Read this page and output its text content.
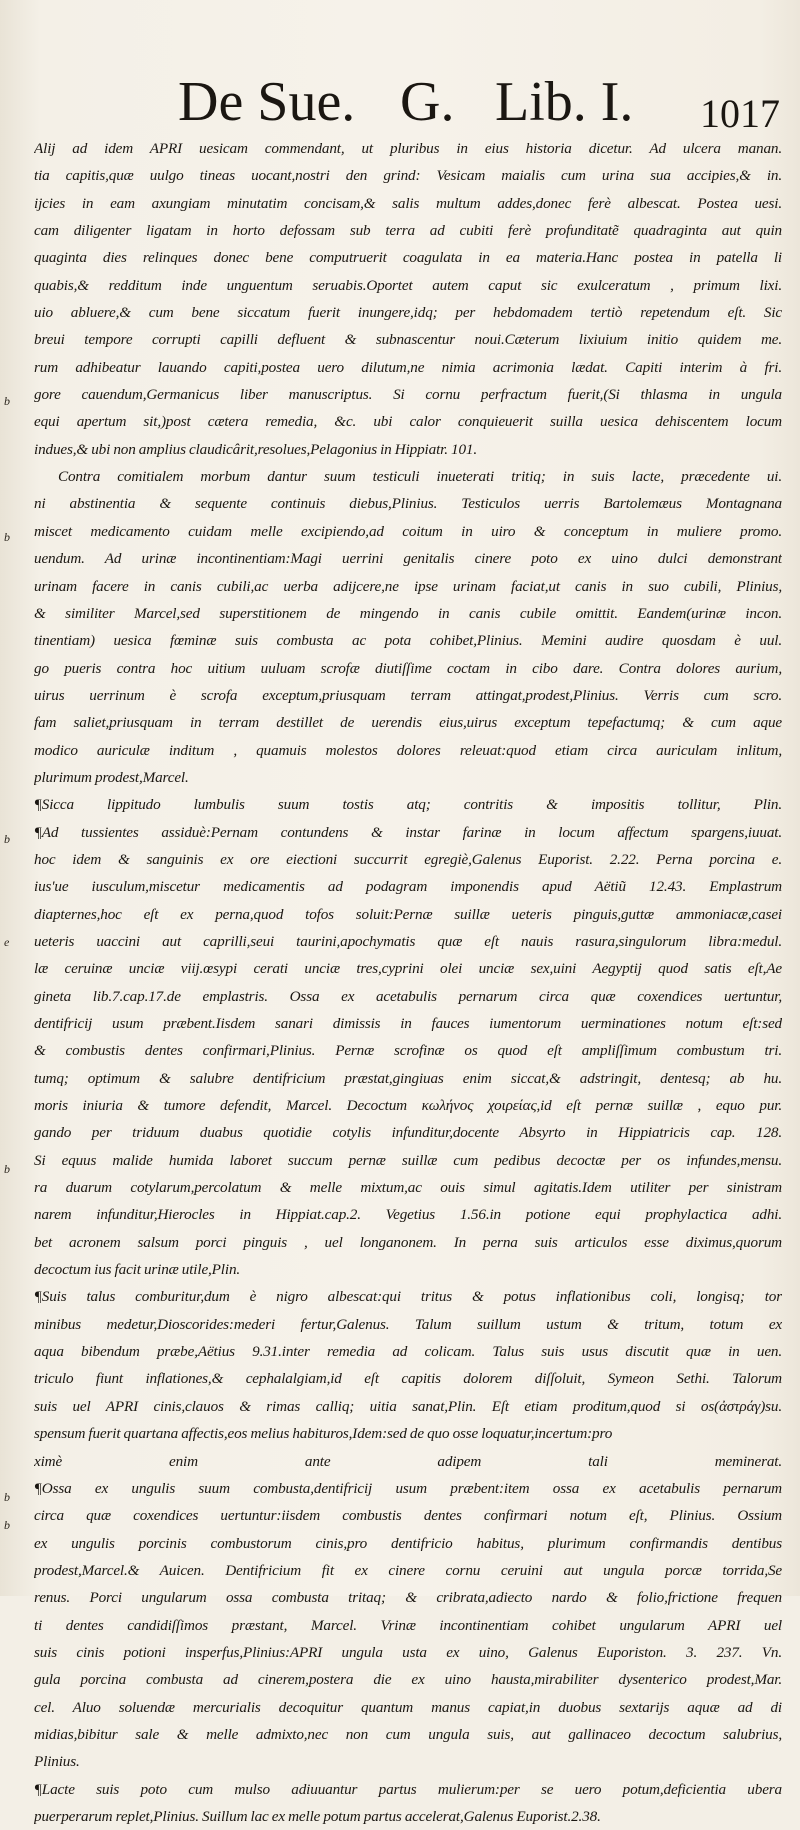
De Sue. G. Lib. I. 1017
b
b
b
e
b
b
b
Alij ad idem APRI uesicam commendant, ut pluribus in eius historia dicetur. Ad ulcera manan.
tia capitis,quæ uulgo tineas uocant,nostri den grind: Vesicam maialis cum urina sua accipies,& in.
ijcies in eam axungiam minutatim concisam,& salis multum addes,donec ferè albescat. Postea uesi.
cam diligenter ligatam in horto defossam sub terra ad cubiti ferè profunditatẽ quadraginta aut quin
quaginta dies relinques donec bene computruerit coagulata in ea materia.Hanc postea in patella li
quabis,& redditum inde unguentum seruabis.Oportet autem caput sic exulceratum , primum lixi.
uio abluere,& cum bene siccatum fuerit inungere,idq; per hebdomadem tertiò repetendum eſt. Sic
breui tempore corrupti capilli defluent & subnascentur noui.Cæterum lixiuium initio quidem me.
rum adhibeatur lauando capiti,postea uero dilutum,ne nimia acrimonia lædat. Capiti interim à fri.
gore cauendum,Germanicus liber manuscriptus. Si cornu perfractum fuerit,(Si thlasma in ungula
equi apertum sit,)post cætera remedia, &c. ubi calor conquieuerit suilla uesica dehiscentem locum
indues,& ubi non amplius claudicârit,resolues,Pelagonius in Hippiatr. 101.
Contra comitialem morbum dantur suum testiculi inueterati tritiq; in suis lacte, præcedente ui.
ni abstinentia & sequente continuis diebus,Plinius. Testiculos uerris Bartolemæus Montagnana
miscet medicamento cuidam melle excipiendo,ad coitum in uiro & conceptum in muliere promo.
uendum. Ad urinæ incontinentiam:Magi uerrini genitalis cinere poto ex uino dulci demonstrant
urinam facere in canis cubili,ac uerba adijcere,ne ipse urinam faciat,ut canis in suo cubili, Plinius,
& similiter Marcel,sed superstitionem de mingendo in canis cubile omittit. Eandem(urinæ incon.
tinentiam) uesica fœminæ suis combusta ac pota cohibet,Plinius. Memini audire quosdam è uul.
go pueris contra hoc uitium uuluam scrofæ diutiſſime coctam in cibo dare. Contra dolores aurium,
uirus uerrinum è scrofa exceptum,priusquam terram attingat,prodest,Plinius. Verris cum scro.
fam saliet,priusquam in terram destillet de uerendis eius,uirus exceptum tepefactumq; & cum aque
modico auriculæ inditum , quamuis molestos dolores releuat:quod etiam circa auriculam inlitum,
plurimum prodest,Marcel.
¶Sicca lippitudo lumbulis suum tostis atq; contritis & impositis tollitur, Plin.
¶Ad tussientes assiduè:Pernam contundens & instar farinæ in locum affectum spargens,iuuat.
hoc idem & sanguinis ex ore eiectioni succurrit egregiè,Galenus Euporist. 2.22. Perna porcina e.
ius'ue iusculum,miscetur medicamentis ad podagram imponendis apud Aëtiũ 12.43. Emplastrum
diapternes,hoc eſt ex perna,quod tofos soluit:Pernæ suillæ ueteris pinguis,guttæ ammoniacæ,casei
ueteris uaccini aut caprilli,seui taurini,apochymatis quæ eſt nauis rasura,singulorum libra:medul.
læ ceruinæ unciæ viij.œsypi cerati unciæ tres,cyprini olei unciæ sex,uini Aegyptij quod satis eſt,Ae
gineta lib.7.cap.17.de emplastris. Ossa ex acetabulis pernarum circa quæ coxendices uertuntur,
dentifricij usum præbent.Iisdem sanari dimissis in fauces iumentorum uerminationes notum eſt:sed
& combustis dentes confirmari,Plinius. Pernæ scrofinæ os quod eſt ampliſſimum combustum tri.
tumq; optimum & salubre dentifricium præstat,gingiuas enim siccat,& adstringit, dentesq; ab hu.
moris iniuria & tumore defendit, Marcel. Decoctum κωλήνος χοιρείας,id eſt pernæ suillæ , equo pur.
gando per triduum duabus quotidie cotylis infunditur,docente Absyrto in Hippiatricis cap. 128.
Si equus malide humida laboret succum pernæ suillæ cum pedibus decoctæ per os infundes,mensu.
ra duarum cotylarum,percolatum & melle mixtum,ac ouis simul agitatis.Idem utiliter per sinistram
narem infunditur,Hierocles in Hippiat.cap.2. Vegetius 1.56.in potione equi prophylactica adhi.
bet acronem salsum porci pinguis , uel longanonem. In perna suis articulos esse diximus,quorum
decoctum ius facit urinæ utile,Plin.
¶Suis talus comburitur,dum è nigro albescat:qui tritus & potus inflationibus coli, longisq; tor
minibus medetur,Dioscorides:mederi fertur,Galenus. Talum suillum ustum & tritum, totum ex
aqua bibendum præbe,Aëtius 9.31.inter remedia ad colicam. Talus suis usus discutit quæ in uen.
triculo fiunt inflationes,& cephalalgiam,id eſt capitis dolorem diſſoluit, Symeon Sethi. Talorum
suis uel APRI cinis,clauos & rimas calliq; uitia sanat,Plin. Eſt etiam proditum,quod si os(ἀστράγ)su.
spensum fuerit quartana affectis,eos melius habituros,Idem:sed de quo osse loquatur,incertum:pro
ximè enim ante adipem tali meminerat.
¶Ossa ex ungulis suum combusta,dentifricij usum præbent:item ossa ex acetabulis pernarum
circa quæ coxendices uertuntur:iisdem combustis dentes confirmari notum eſt, Plinius. Ossium
ex ungulis porcinis combustorum cinis,pro dentifricio habitus, plurimum confirmandis dentibus
prodest,Marcel.& Auicen. Dentifricium fit ex cinere cornu ceruini aut ungula porcæ torrida,Se
renus. Porci ungularum ossa combusta tritaq; & cribrata,adiecto nardo & folio,frictione frequen
ti dentes candidiſſimos præstant, Marcel. Vrinæ incontinentiam cohibet ungularum APRI uel
suis cinis potioni insperfus,Plinius:APRI ungula usta ex uino, Galenus Euporiston. 3. 237. Vn.
gula porcina combusta ad cinerem,postera die ex uino hausta,mirabiliter dysenterico prodest,Mar.
cel. Aluo soluendæ mercurialis decoquitur quantum manus capiat,in duobus sextarijs aquæ ad di
midias,bibitur sale & melle admixto,nec non cum ungula suis, aut gallinaceo decoctum salubrius,
Plinius.
¶Lacte suis poto cum mulso adiuuantur partus mulierum:per se uero potum,deficientia ubera
puerperarum replet,Plinius. Suillum lac ex melle potum partus accelerat,Galenus Euporist.2.38.
